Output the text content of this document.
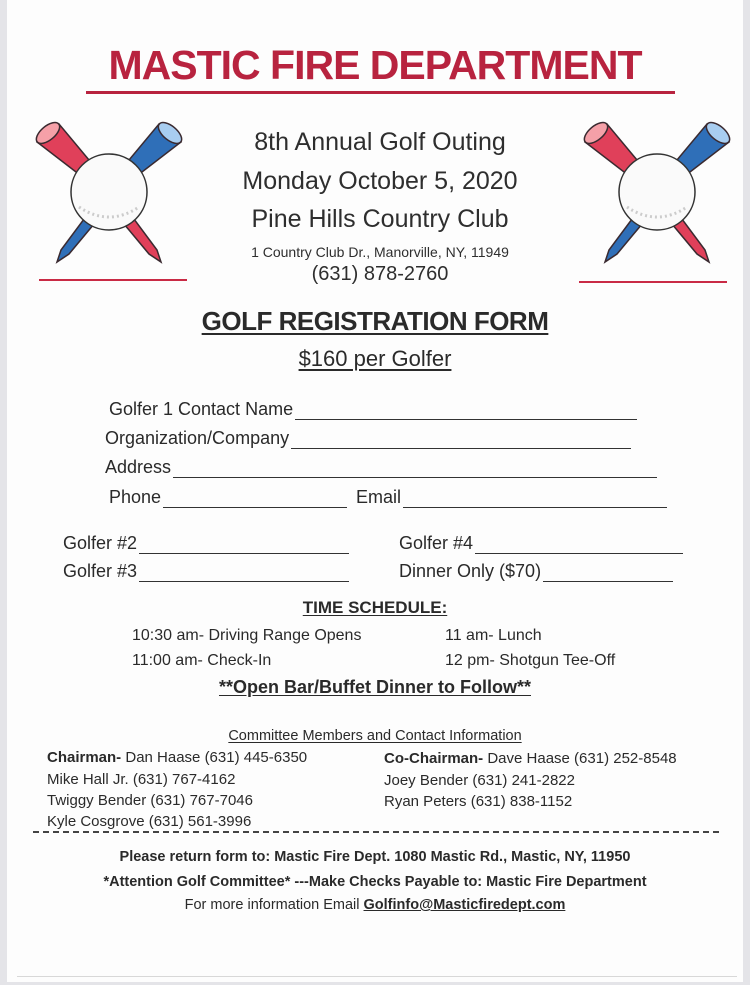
MASTIC FIRE DEPARTMENT
8th Annual Golf Outing
Monday October 5, 2020
Pine Hills Country Club
1 Country Club Dr., Manorville, NY, 11949
(631) 878-2760
GOLF REGISTRATION FORM
$160 per Golfer
Golfer 1 Contact Name
Organization/Company
Address
Phone	Email
Golfer #2
Golfer #3
Golfer #4
Dinner Only ($70)
TIME SCHEDULE:
10:30 am- Driving Range Opens
11:00 am- Check-In
11 am- Lunch
12 pm- Shotgun Tee-Off
**Open Bar/Buffet Dinner to Follow**
Committee Members and Contact Information
Chairman- Dan Haase (631) 445-6350
Mike Hall Jr. (631) 767-4162
Twiggy Bender (631) 767-7046
Kyle Cosgrove (631) 561-3996
Co-Chairman- Dave Haase (631) 252-8548
Joey Bender (631) 241-2822
Ryan Peters (631) 838-1152
Please return form to: Mastic Fire Dept. 1080 Mastic Rd., Mastic, NY, 11950
*Attention Golf Committee* ---Make Checks Payable to: Mastic Fire Department
For more information Email Golfinfo@Masticfiredept.com
